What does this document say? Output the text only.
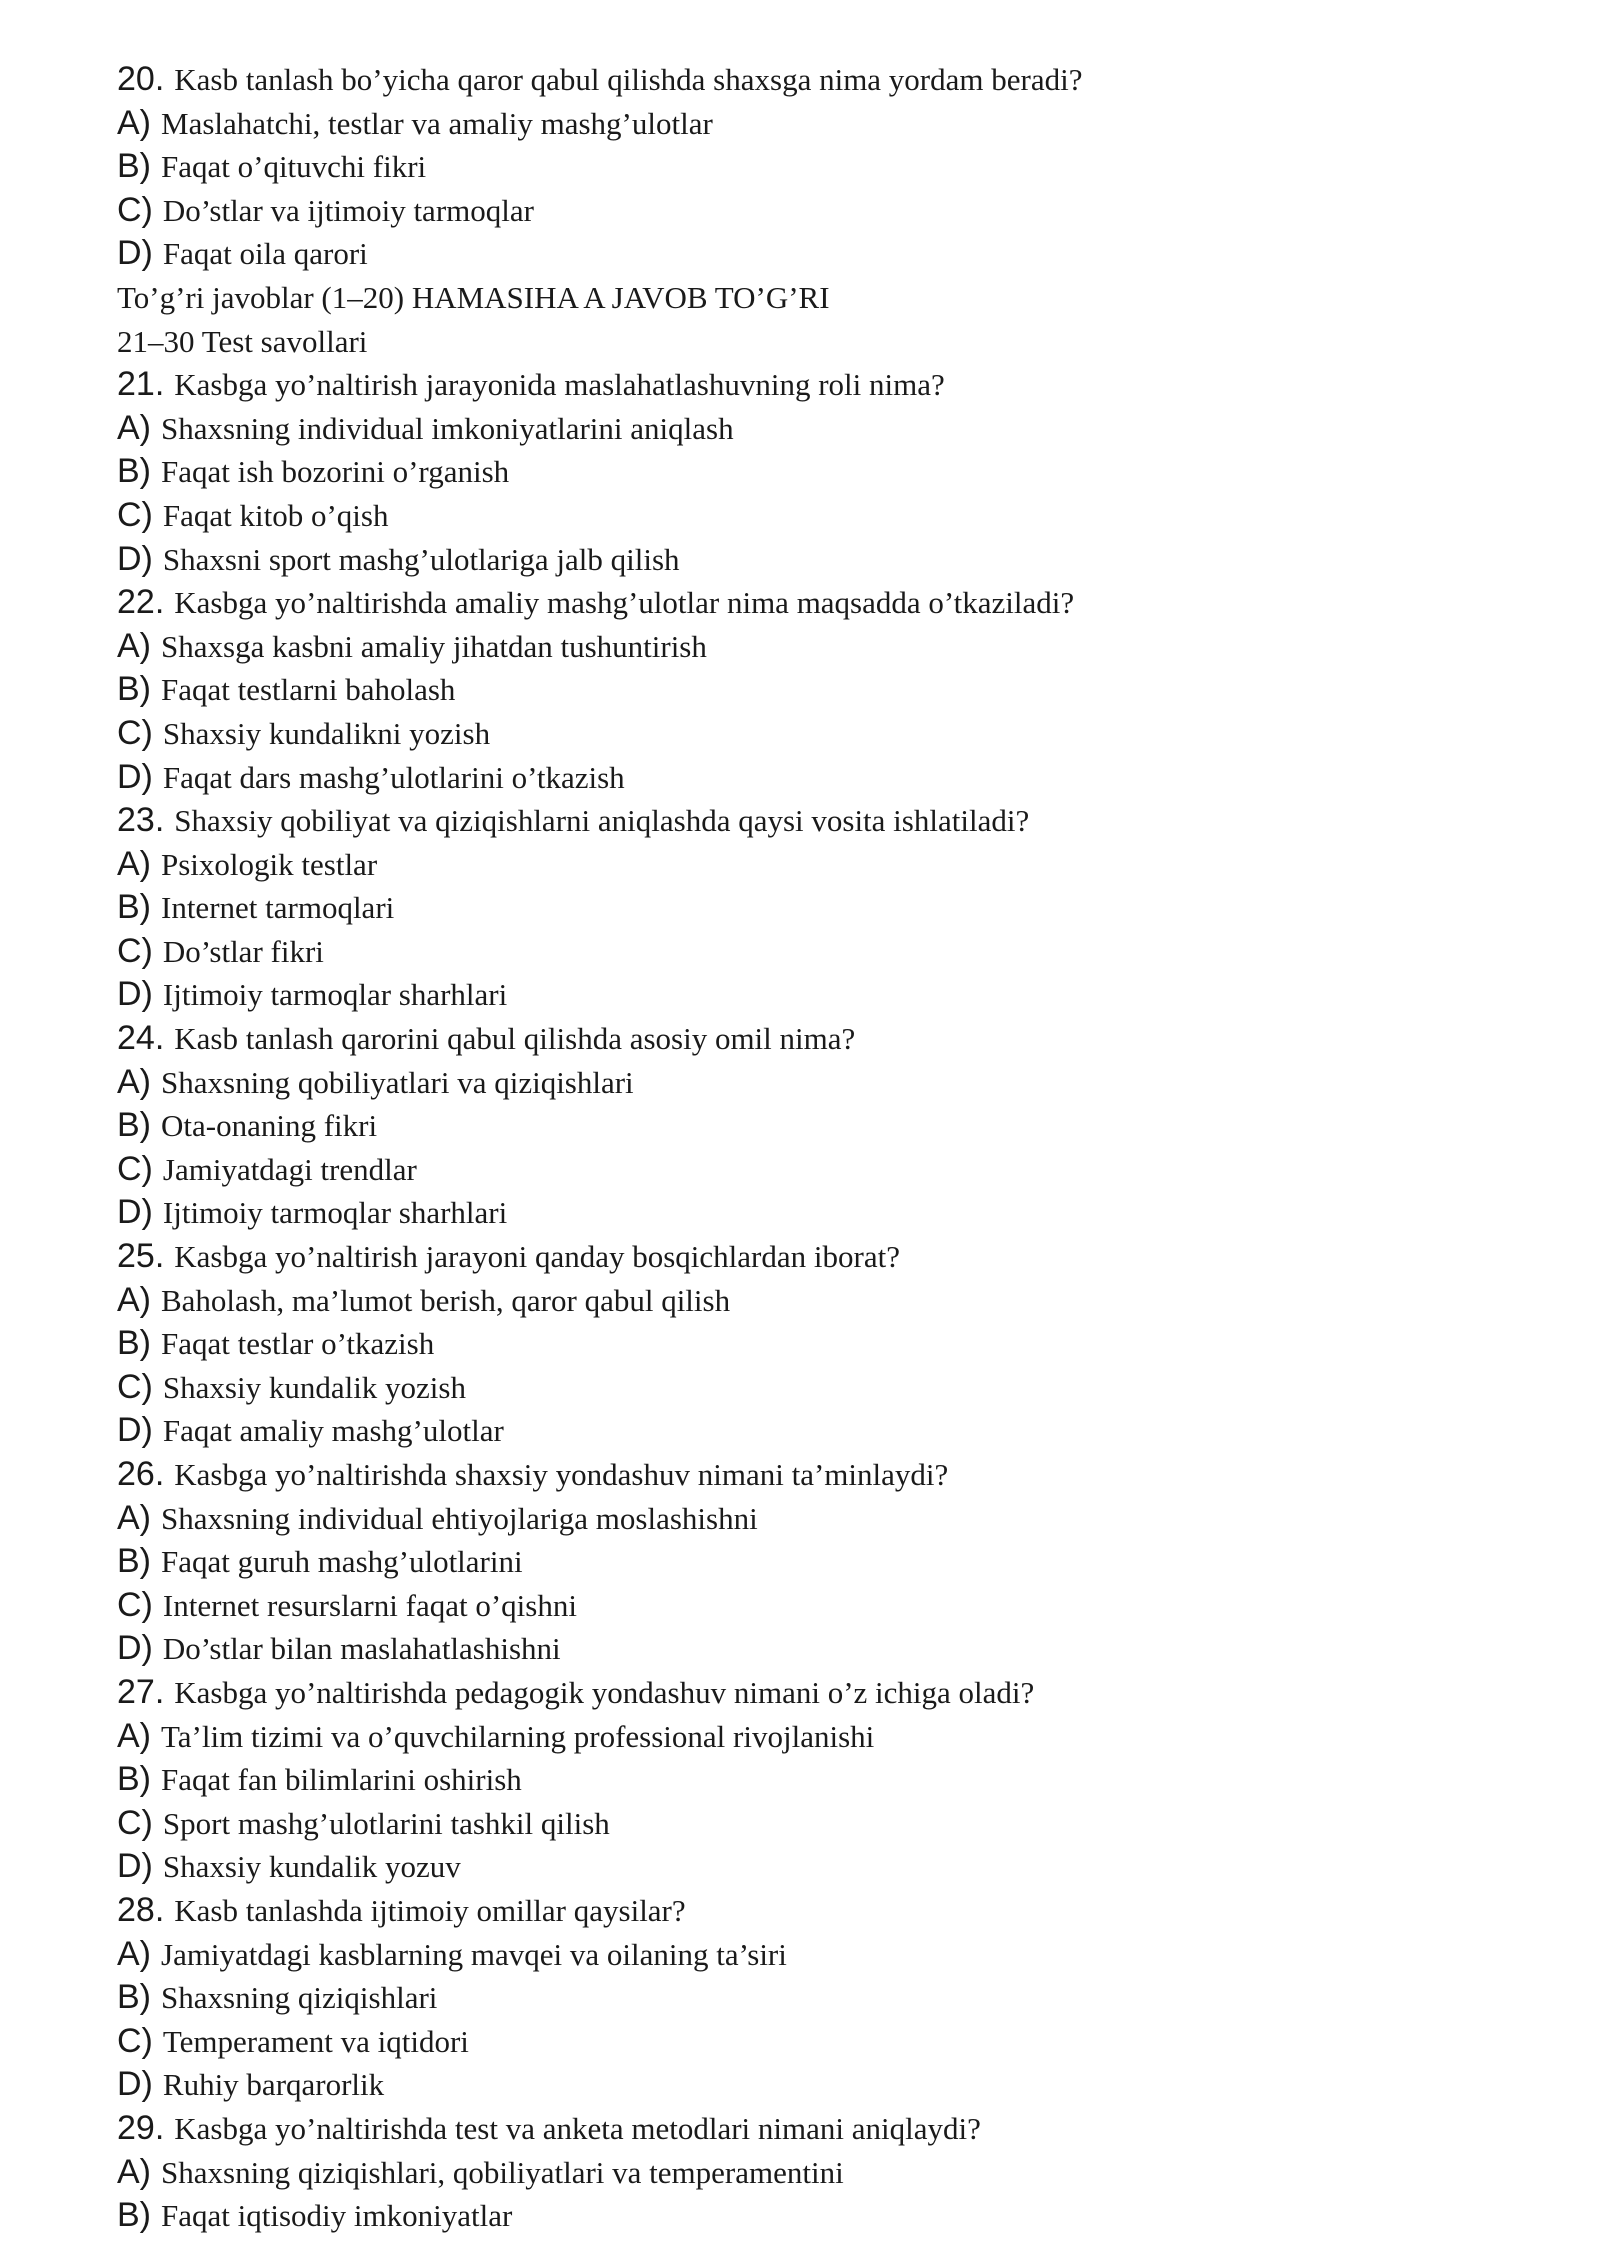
20. Kasb tanlash bo’yicha qaror qabul qilishda shaxsga nima yordam beradi?
A) Maslahatchi, testlar va amaliy mashg’ulotlar
B) Faqat o’qituvchi fikri
C) Do’stlar va ijtimoiy tarmoqlar
D) Faqat oila qarori
To’g’ri javoblar (1–20) HAMASIHA A JAVOB TO’G’RI
21–30 Test savollari
21. Kasbga yo’naltirish jarayonida maslahatlashuvning roli nima?
A) Shaxsning individual imkoniyatlarini aniqlash
B) Faqat ish bozorini o’rganish
C) Faqat kitob o’qish
D) Shaxsni sport mashg’ulotlariga jalb qilish
22. Kasbga yo’naltirishda amaliy mashg’ulotlar nima maqsadda o’tkaziladi?
A) Shaxsga kasbni amaliy jihatdan tushuntirish
B) Faqat testlarni baholash
C) Shaxsiy kundalikni yozish
D) Faqat dars mashg’ulotlarini o’tkazish
23. Shaxsiy qobiliyat va qiziqishlarni aniqlashda qaysi vosita ishlatiladi?
A) Psixologik testlar
B) Internet tarmoqlari
C) Do’stlar fikri
D) Ijtimoiy tarmoqlar sharhlari
24. Kasb tanlash qarorini qabul qilishda asosiy omil nima?
A) Shaxsning qobiliyatlari va qiziqishlari
B) Ota-onaning fikri
C) Jamiyatdagi trendlar
D) Ijtimoiy tarmoqlar sharhlari
25. Kasbga yo’naltirish jarayoni qanday bosqichlardan iborat?
A) Baholash, ma’lumot berish, qaror qabul qilish
B) Faqat testlar o’tkazish
C) Shaxsiy kundalik yozish
D) Faqat amaliy mashg’ulotlar
26. Kasbga yo’naltirishda shaxsiy yondashuv nimani ta’minlaydi?
A) Shaxsning individual ehtiyojlariga moslashishni
B) Faqat guruh mashg’ulotlarini
C) Internet resurslarni faqat o’qishni
D) Do’stlar bilan maslahatlashishni
27. Kasbga yo’naltirishda pedagogik yondashuv nimani o’z ichiga oladi?
A) Ta’lim tizimi va o’quvchilarning professional rivojlanishi
B) Faqat fan bilimlarini oshirish
C) Sport mashg’ulotlarini tashkil qilish
D) Shaxsiy kundalik yozuv
28. Kasb tanlashda ijtimoiy omillar qaysilar?
A) Jamiyatdagi kasblarning mavqei va oilaning ta’siri
B) Shaxsning qiziqishlari
C) Temperament va iqtidori
D) Ruhiy barqarorlik
29. Kasbga yo’naltirishda test va anketa metodlari nimani aniqlaydi?
A) Shaxsning qiziqishlari, qobiliyatlari va temperamentini
B) Faqat iqtisodiy imkoniyatlar
